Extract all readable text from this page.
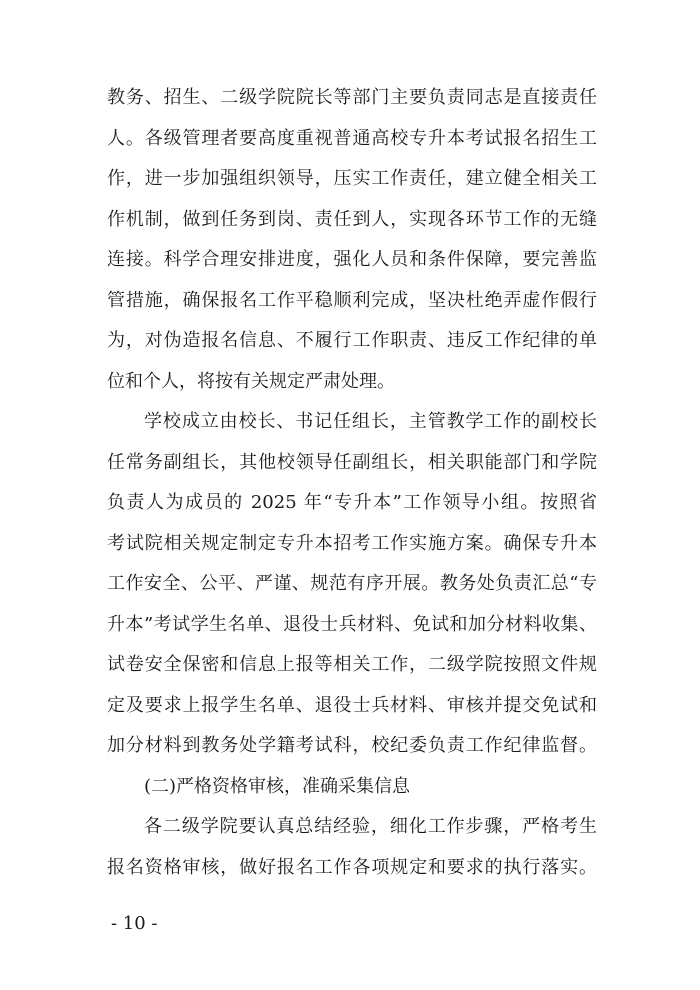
教务、招生、二级学院院长等部门主要负责同志是直接责任
人。各级管理者要高度重视普通高校专升本考试报名招生工
作，进一步加强组织领导，压实工作责任，建立健全相关工
作机制，做到任务到岗、责任到人，实现各环节工作的无缝
连接。科学合理安排进度，强化人员和条件保障，要完善监
管措施，确保报名工作平稳顺利完成，坚决杜绝弄虚作假行
为，对伪造报名信息、不履行工作职责、违反工作纪律的单
位和个人，将按有关规定严肃处理。
学校成立由校长、书记任组长，主管教学工作的副校长
任常务副组长，其他校领导任副组长，相关职能部门和学院
负责人为成员的 2025 年“专升本”工作领导小组。按照省
考试院相关规定制定专升本招考工作实施方案。确保专升本
工作安全、公平、严谨、规范有序开展。教务处负责汇总“专
升本”考试学生名单、退役士兵材料、免试和加分材料收集、
试卷安全保密和信息上报等相关工作，二级学院按照文件规
定及要求上报学生名单、退役士兵材料、审核并提交免试和
加分材料到教务处学籍考试科，校纪委负责工作纪律监督。
(二)严格资格审核，准确采集信息
各二级学院要认真总结经验，细化工作步骤，严格考生
报名资格审核，做好报名工作各项规定和要求的执行落实。
- 10 -
